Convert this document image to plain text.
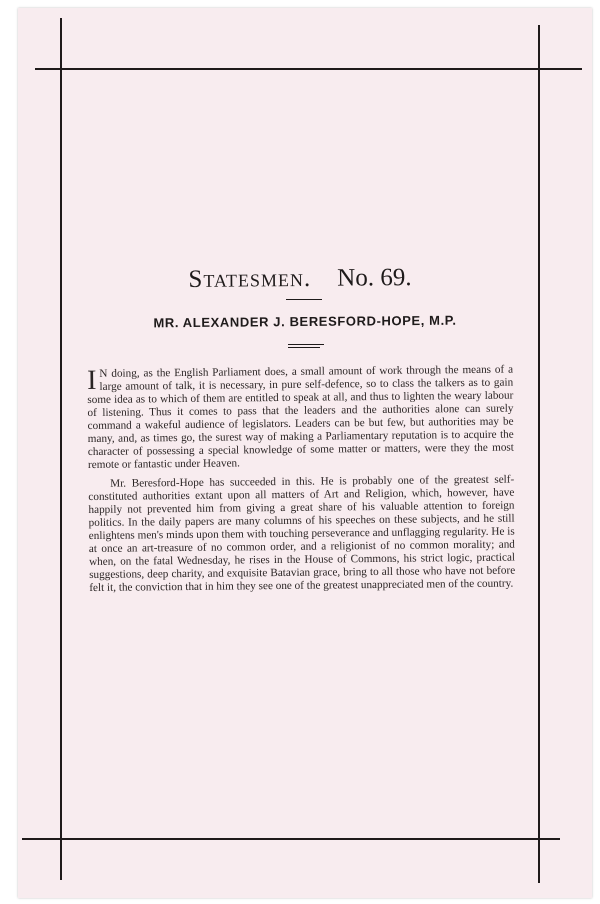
Statesmen. No. 69.
MR. ALEXANDER J. BERESFORD-HOPE, M.P.

I N doing, as the English Parliament does, a small amount of work through the means of a large amount of talk, it is necessary, in pure self-defence, so to class the talkers as to gain some idea as to which of them are entitled to speak at all, and thus to lighten the weary labour of listening. Thus it comes to pass that the leaders and the authorities alone can surely command a wakeful audience of legislators. Leaders can be but few, but authorities may be many, and, as times go, the surest way of making a Parliamentary reputation is to acquire the character of possessing a special knowledge of some matter or matters, were they the most remote or fantastic under Heaven.

Mr. Beresford-Hope has succeeded in this. He is probably one of the greatest self-constituted authorities extant upon all matters of Art and Religion, which, however, have happily not prevented him from giving a great share of his valuable attention to foreign politics. In the daily papers are many columns of his speeches on these subjects, and he still enlightens men's minds upon them with touching perseverance and unflagging regularity. He is at once an art-treasure of no common order, and a religionist of no common morality; and when, on the fatal Wednesday, he rises in the House of Commons, his strict logic, practical suggestions, deep charity, and exquisite Batavian grace, bring to all those who have not before felt it, the conviction that in him they see one of the greatest unappreciated men of the country.
